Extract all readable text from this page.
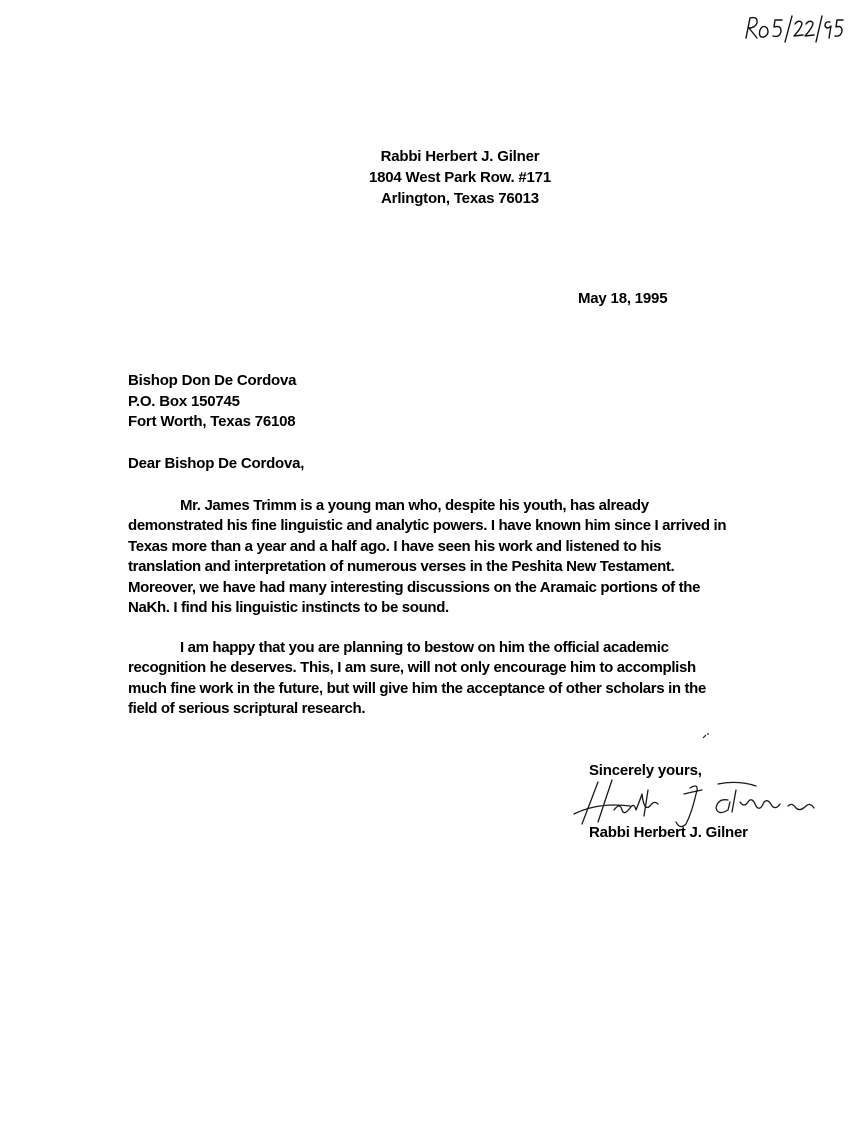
Rabbi Herbert J. Gilner
1804 West Park Row. #171
Arlington, Texas 76013
May 18, 1995
Bishop Don De Cordova
P.O. Box 150745
Fort Worth, Texas 76108
Dear Bishop De Cordova,
Mr. James Trimm is a young man who, despite his youth, has already
demonstrated his fine linguistic and analytic powers. I have known him since I arrived in
Texas more than a year and a half ago. I have seen his work and listened to his
translation and interpretation of numerous verses in the Peshita New Testament.
Moreover, we have had many interesting discussions on the Aramaic portions of the
NaKh. I find his linguistic instincts to be sound.
I am happy that you are planning to bestow on him the official academic
recognition he deserves. This, I am sure, will not only encourage him to accomplish
much fine work in the future, but will give him the acceptance of other scholars in the
field of serious scriptural research.
Sincerely yours,
Rabbi Herbert J. Gilner
